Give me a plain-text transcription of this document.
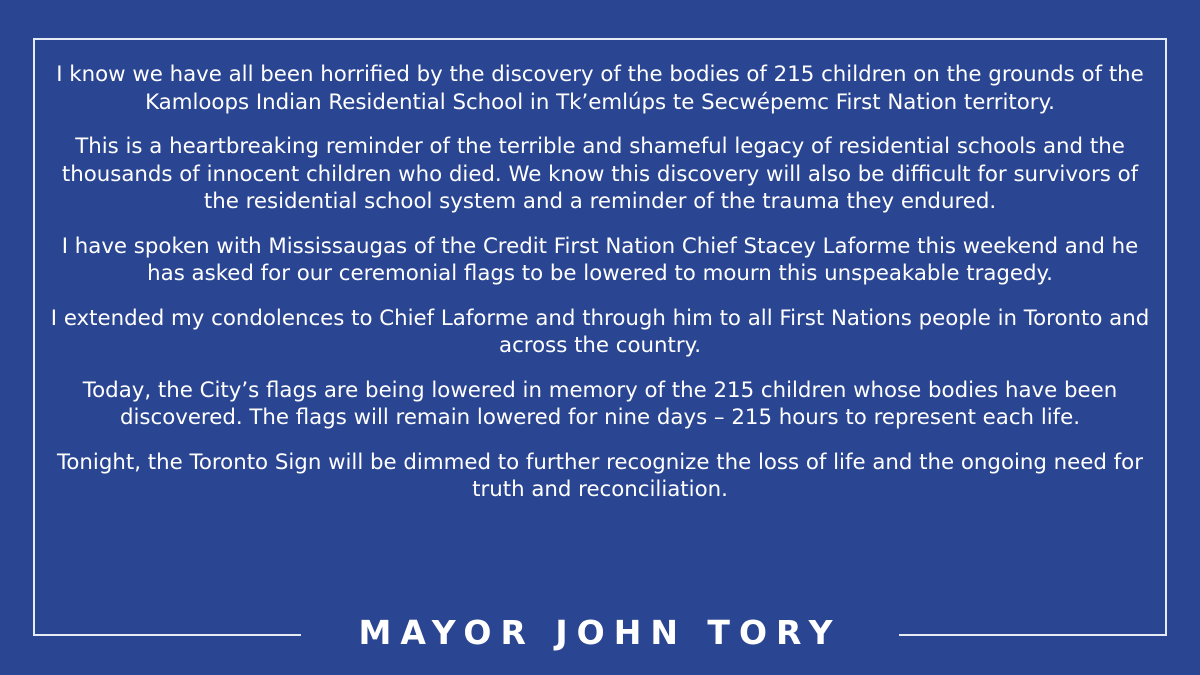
I know we have all been horrified by the discovery of the bodies of 215 children on the grounds of the Kamloops Indian Residential School in Tk’emlúps te Secwépemc First Nation territory.

This is a heartbreaking reminder of the terrible and shameful legacy of residential schools and the thousands of innocent children who died. We know this discovery will also be difficult for survivors of the residential school system and a reminder of the trauma they endured.

I have spoken with Mississaugas of the Credit First Nation Chief Stacey Laforme this weekend and he has asked for our ceremonial flags to be lowered to mourn this unspeakable tragedy.

I extended my condolences to Chief Laforme and through him to all First Nations people in Toronto and across the country.

Today, the City’s flags are being lowered in memory of the 215 children whose bodies have been discovered. The flags will remain lowered for nine days – 215 hours to represent each life.

Tonight, the Toronto Sign will be dimmed to further recognize the loss of life and the ongoing need for truth and reconciliation.

MAYOR JOHN TORY
